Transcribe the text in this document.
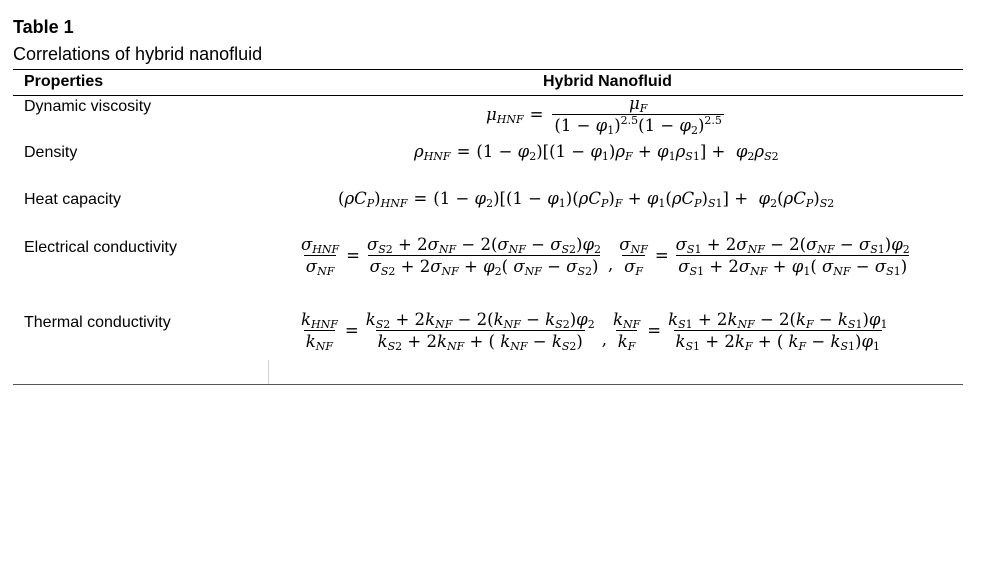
Table 1
Correlations of hybrid nanofluid
Properties	Hybrid Nanofluid
Dynamic viscosity	$\mu_{HNF} = \frac{\mu_F}{(1 - \varphi_1)^{2.5}(1 - \varphi_2)^{2.5}}$
Density	$\rho_{HNF} = (1 - \varphi_2)[(1 - \varphi_1)\rho_F + \varphi_1\rho_{S1}] + \varphi_2\rho_{S2}$
Heat capacity	$(\rho C_P)_{HNF} = (1 - \varphi_2)[(1 - \varphi_1)(\rho C_P)_F + \varphi_1(\rho C_P)_{S1}] + \varphi_2(\rho C_P)_{S2}$
Electrical conductivity	$\frac{\sigma_{HNF}}{\sigma_{NF}} = \frac{\sigma_{S2} + 2\sigma_{NF} - 2(\sigma_{NF} - \sigma_{S2})\varphi_2}{\sigma_{S2} + 2\sigma_{NF} + \varphi_2( \sigma_{NF} - \sigma_{S2})}$ , $\frac{\sigma_{NF}}{\sigma_F} = \frac{\sigma_{S1} + 2\sigma_{NF} - 2(\sigma_{NF} - \sigma_{S1})\varphi_2}{\sigma_{S1} + 2\sigma_{NF} + \varphi_1( \sigma_{NF} - \sigma_{S1})}$
Thermal conductivity	$\frac{k_{HNF}}{k_{NF}} = \frac{k_{S2} + 2k_{NF} - 2(k_{NF} - k_{S2})\varphi_2}{k_{S2} + 2k_{NF} + ( k_{NF} - k_{S2})}$ , $\frac{k_{NF}}{k_F} = \frac{k_{S1} + 2k_{NF} - 2(k_F - k_{S1})\varphi_1}{k_{S1} + 2k_F + ( k_F - k_{S1})\varphi_1}$
